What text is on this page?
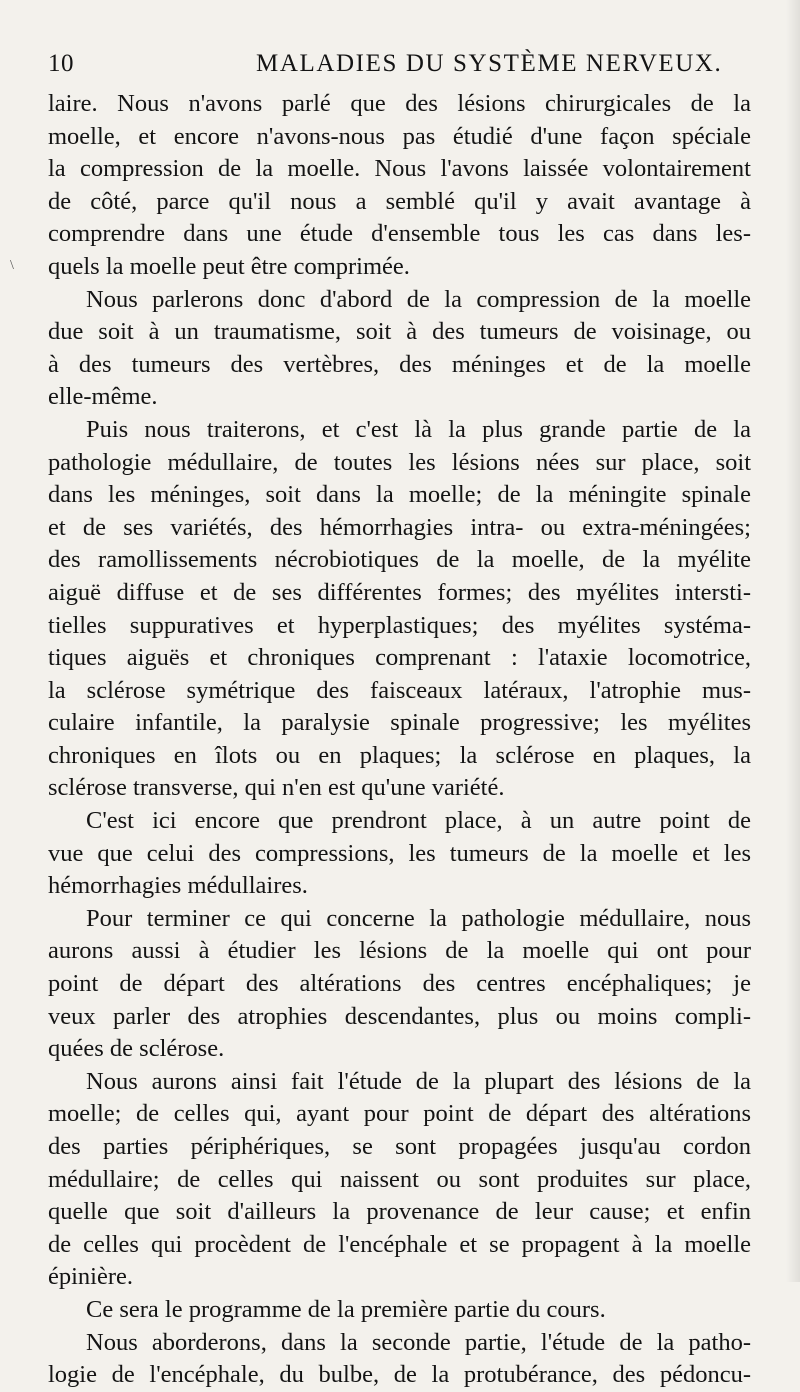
\
10	MALADIES DU SYSTÈME NERVEUX.
laire. Nous n'avons parlé que des lésions chirurgicales de la
moelle, et encore n'avons-nous pas étudié d'une façon spéciale
la compression de la moelle. Nous l'avons laissée volontairement
de côté, parce qu'il nous a semblé qu'il y avait avantage à
comprendre dans une étude d'ensemble tous les cas dans les-
quels la moelle peut être comprimée.
Nous parlerons donc d'abord de la compression de la moelle
due soit à un traumatisme, soit à des tumeurs de voisinage, ou
à des tumeurs des vertèbres, des méninges et de la moelle
elle-même.
Puis nous traiterons, et c'est là la plus grande partie de la
pathologie médullaire, de toutes les lésions nées sur place, soit
dans les méninges, soit dans la moelle; de la méningite spinale
et de ses variétés, des hémorrhagies intra- ou extra-méningées;
des ramollissements nécrobiotiques de la moelle, de la myélite
aiguë diffuse et de ses différentes formes; des myélites intersti-
tielles suppuratives et hyperplastiques; des myélites systéma-
tiques aiguës et chroniques comprenant : l'ataxie locomotrice,
la sclérose symétrique des faisceaux latéraux, l'atrophie mus-
culaire infantile, la paralysie spinale progressive; les myélites
chroniques en îlots ou en plaques; la sclérose en plaques, la
sclérose transverse, qui n'en est qu'une variété.
C'est ici encore que prendront place, à un autre point de
vue que celui des compressions, les tumeurs de la moelle et les
hémorrhagies médullaires.
Pour terminer ce qui concerne la pathologie médullaire, nous
aurons aussi à étudier les lésions de la moelle qui ont pour
point de départ des altérations des centres encéphaliques; je
veux parler des atrophies descendantes, plus ou moins compli-
quées de sclérose.
Nous aurons ainsi fait l'étude de la plupart des lésions de la
moelle; de celles qui, ayant pour point de départ des altérations
des parties périphériques, se sont propagées jusqu'au cordon
médullaire; de celles qui naissent ou sont produites sur place,
quelle que soit d'ailleurs la provenance de leur cause; et enfin
de celles qui procèdent de l'encéphale et se propagent à la moelle
épinière.
Ce sera le programme de la première partie du cours.
Nous aborderons, dans la seconde partie, l'étude de la patho-
logie de l'encéphale, du bulbe, de la protubérance, des pédoncu-
